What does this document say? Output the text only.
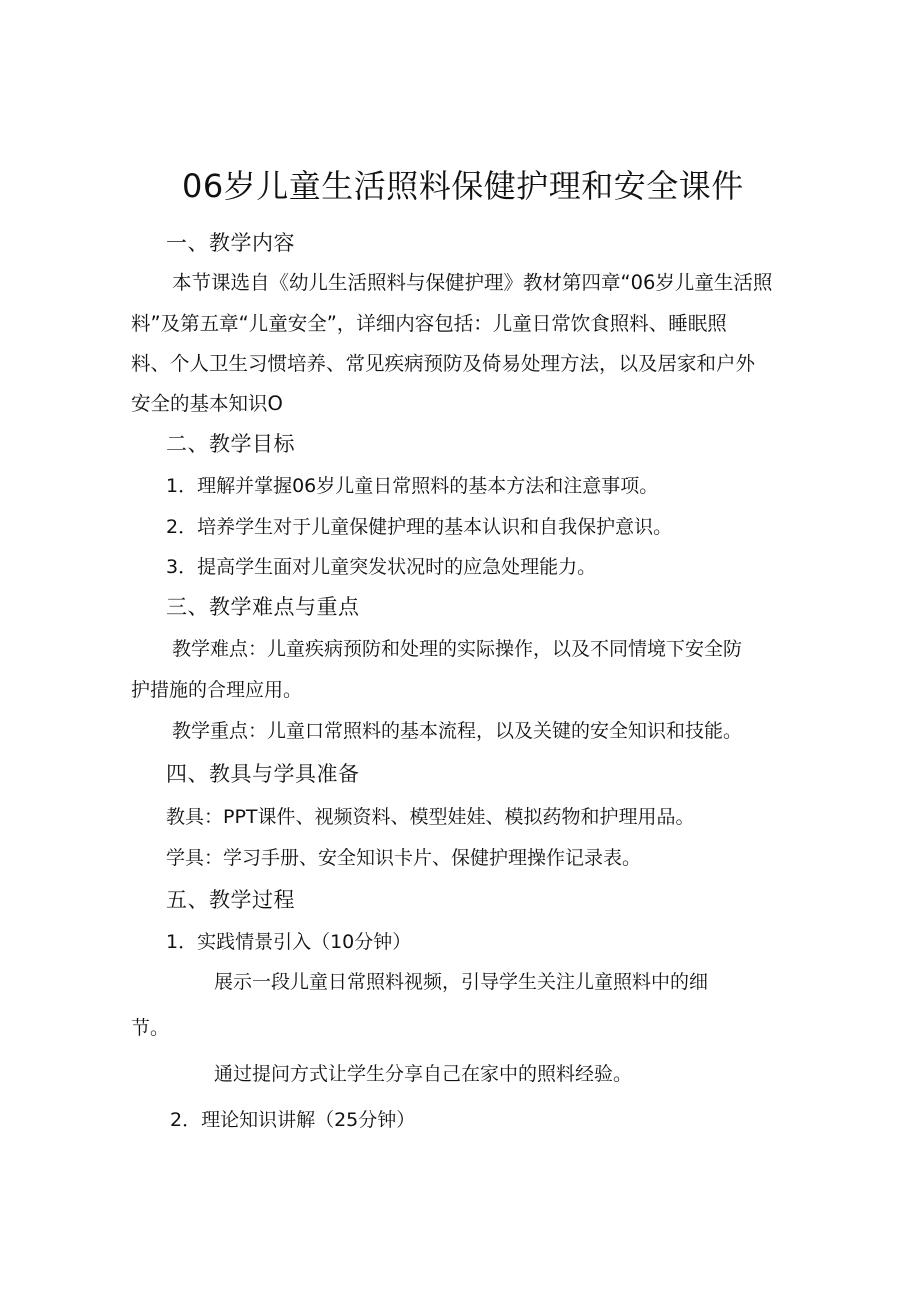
06岁儿童生活照料保健护理和安全课件
一、教学内容
本节课选自《幼儿生活照料与保健护理》教材第四章“06岁儿童生活照
料”及第五章“儿童安全”，详细内容包括：儿童日常饮食照料、睡眠照
料、个人卫生习惯培养、常见疾病预防及倚易处理方法，以及居家和户外
安全的基本知识O
二、教学目标
1．理解并掌握06岁儿童日常照料的基本方法和注意事项。
2．培养学生对于儿童保健护理的基本认识和自我保护意识。
3．提高学生面对儿童突发状况时的应急处理能力。
三、教学难点与重点
教学难点：儿童疾病预防和处理的实际操作，以及不同情境下安全防
护措施的合理应用。
教学重点：儿童口常照料的基本流程，以及关键的安全知识和技能。
四、教具与学具准备
教具：PPT课件、视频资料、模型娃娃、模拟药物和护理用品。
学具：学习手册、安全知识卡片、保健护理操作记录表。
五、教学过程
1．实践情景引入（10分钟）
展示一段儿童日常照料视频，引导学生关注儿童照料中的细
节。
通过提问方式让学生分享自己在家中的照料经验。
2．理论知识讲解（25分钟）
